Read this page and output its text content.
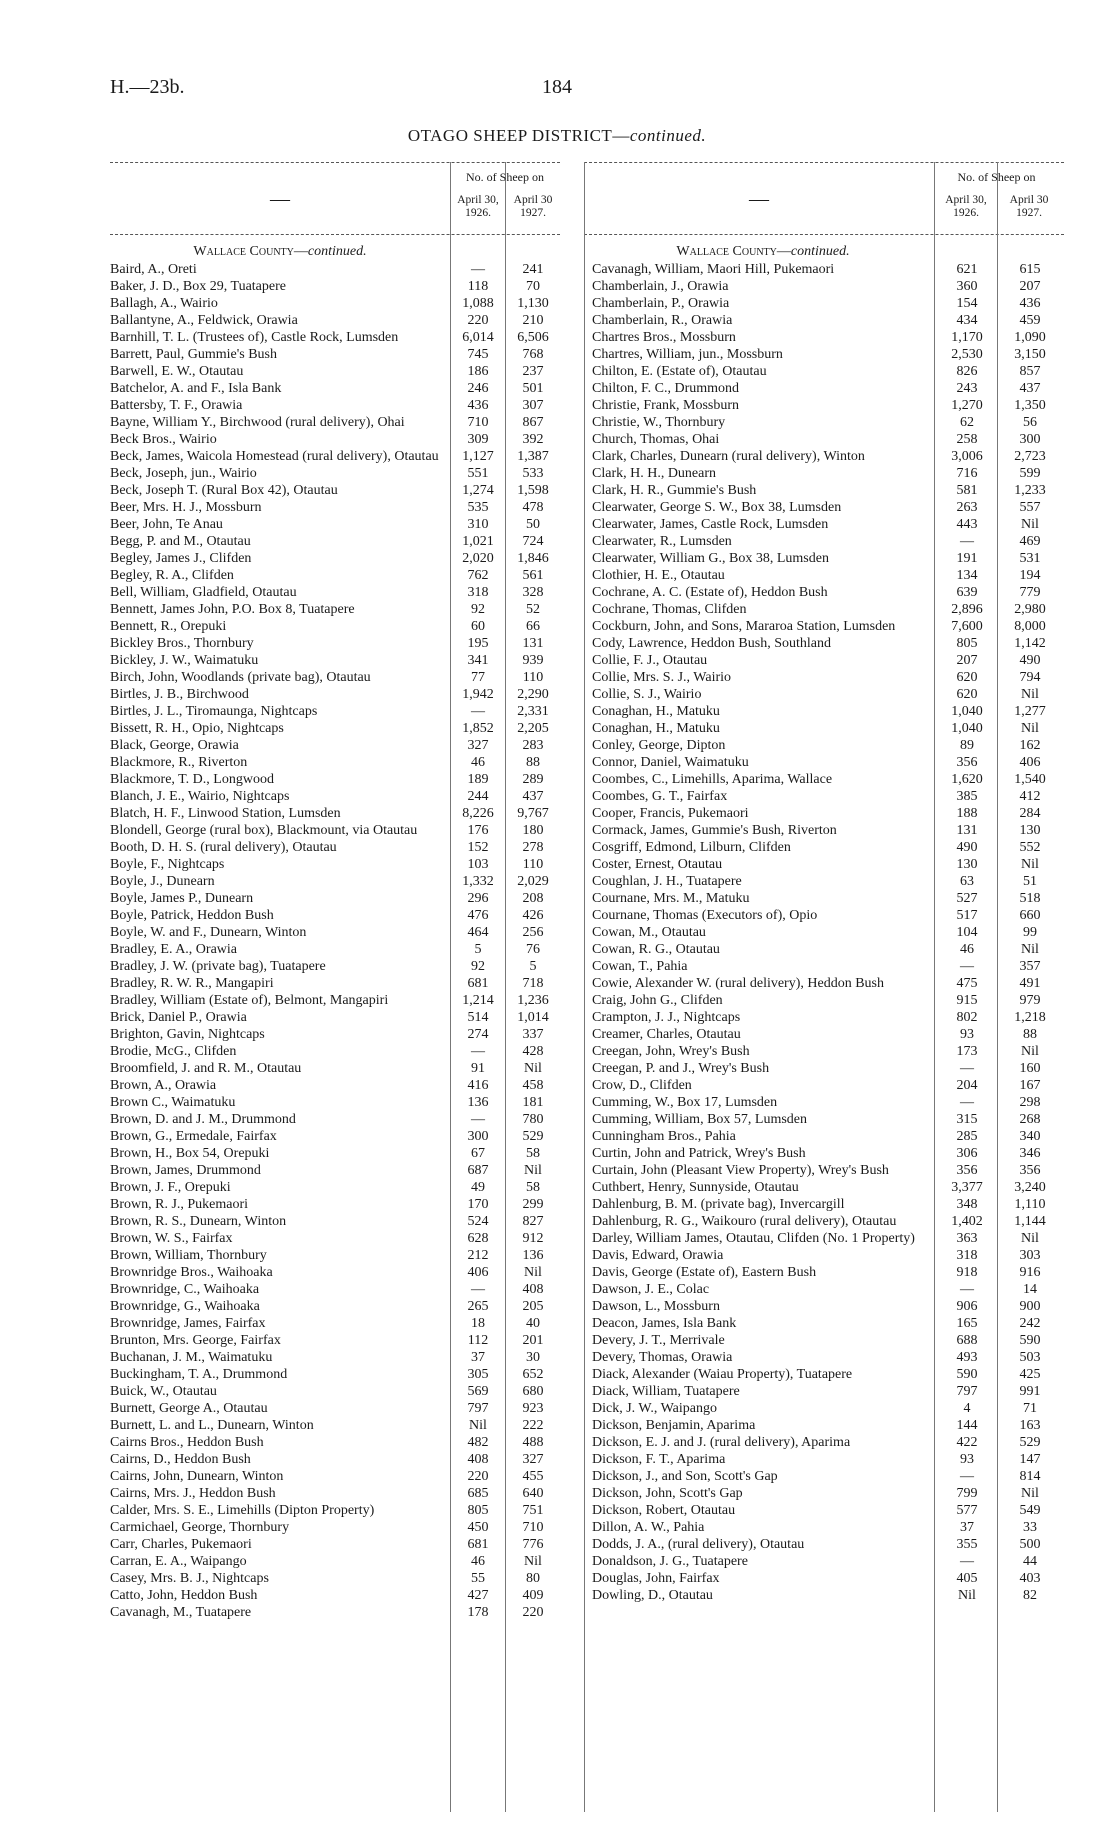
H.—23b.	184
OTAGO SHEEP DISTRICT—continued.
—
No. of Sheep on
April 30, 1926.
April 30 1927.
Wallace County—continued.
Baird, A., Oreti	—	241
Baker, J. D., Box 29, Tuatapere	118	70
Ballagh, A., Wairio	1,088	1,130
Ballantyne, A., Feldwick, Orawia	220	210
Barnhill, T. L. (Trustees of), Castle Rock, Lumsden	6,014	6,506
Barrett, Paul, Gummie's Bush	745	768
Barwell, E. W., Otautau	186	237
Batchelor, A. and F., Isla Bank	246	501
Battersby, T. F., Orawia	436	307
Bayne, William Y., Birchwood (rural delivery), Ohai	710	867
Beck Bros., Wairio	309	392
Beck, James, Waicola Homestead (rural delivery), Otautau	1,127	1,387
Beck, Joseph, jun., Wairio	551	533
Beck, Joseph T. (Rural Box 42), Otautau	1,274	1,598
Beer, Mrs. H. J., Mossburn	535	478
Beer, John, Te Anau	310	50
Begg, P. and M., Otautau	1,021	724
Begley, James J., Clifden	2,020	1,846
Begley, R. A., Clifden	762	561
Bell, William, Gladfield, Otautau	318	328
Bennett, James John, P.O. Box 8, Tuatapere	92	52
Bennett, R., Orepuki	60	66
Bickley Bros., Thornbury	195	131
Bickley, J. W., Waimatuku	341	939
Birch, John, Woodlands (private bag), Otautau	77	110
Birtles, J. B., Birchwood	1,942	2,290
Birtles, J. L., Tiromaunga, Nightcaps	—	2,331
Bissett, R. H., Opio, Nightcaps	1,852	2,205
Black, George, Orawia	327	283
Blackmore, R., Riverton	46	88
Blackmore, T. D., Longwood	189	289
Blanch, J. E., Wairio, Nightcaps	244	437
Blatch, H. F., Linwood Station, Lumsden	8,226	9,767
Blondell, George (rural box), Blackmount, via Otautau	176	180
Booth, D. H. S. (rural delivery), Otautau	152	278
Boyle, F., Nightcaps	103	110
Boyle, J., Dunearn	1,332	2,029
Boyle, James P., Dunearn	296	208
Boyle, Patrick, Heddon Bush	476	426
Boyle, W. and F., Dunearn, Winton	464	256
Bradley, E. A., Orawia	5	76
Bradley, J. W. (private bag), Tuatapere	92	5
Bradley, R. W. R., Mangapiri	681	718
Bradley, William (Estate of), Belmont, Mangapiri	1,214	1,236
Brick, Daniel P., Orawia	514	1,014
Brighton, Gavin, Nightcaps	274	337
Brodie, McG., Clifden	—	428
Broomfield, J. and R. M., Otautau	91	Nil
Brown, A., Orawia	416	458
Brown C., Waimatuku	136	181
Brown, D. and J. M., Drummond	—	780
Brown, G., Ermedale, Fairfax	300	529
Brown, H., Box 54, Orepuki	67	58
Brown, James, Drummond	687	Nil
Brown, J. F., Orepuki	49	58
Brown, R. J., Pukemaori	170	299
Brown, R. S., Dunearn, Winton	524	827
Brown, W. S., Fairfax	628	912
Brown, William, Thornbury	212	136
Brownridge Bros., Waihoaka	406	Nil
Brownridge, C., Waihoaka	—	408
Brownridge, G., Waihoaka	265	205
Brownridge, James, Fairfax	18	40
Brunton, Mrs. George, Fairfax	112	201
Buchanan, J. M., Waimatuku	37	30
Buckingham, T. A., Drummond	305	652
Buick, W., Otautau	569	680
Burnett, George A., Otautau	797	923
Burnett, L. and L., Dunearn, Winton	Nil	222
Cairns Bros., Heddon Bush	482	488
Cairns, D., Heddon Bush	408	327
Cairns, John, Dunearn, Winton	220	455
Cairns, Mrs. J., Heddon Bush	685	640
Calder, Mrs. S. E., Limehills (Dipton Property)	805	751
Carmichael, George, Thornbury	450	710
Carr, Charles, Pukemaori	681	776
Carran, E. A., Waipango	46	Nil
Casey, Mrs. B. J., Nightcaps	55	80
Catto, John, Heddon Bush	427	409
Cavanagh, M., Tuatapere	178	220
—
No. of Sheep on
April 30, 1926.
April 30 1927.
Wallace County—continued.
Cavanagh, William, Maori Hill, Pukemaori	621	615
Chamberlain, J., Orawia	360	207
Chamberlain, P., Orawia	154	436
Chamberlain, R., Orawia	434	459
Chartres Bros., Mossburn	1,170	1,090
Chartres, William, jun., Mossburn	2,530	3,150
Chilton, E. (Estate of), Otautau	826	857
Chilton, F. C., Drummond	243	437
Christie, Frank, Mossburn	1,270	1,350
Christie, W., Thornbury	62	56
Church, Thomas, Ohai	258	300
Clark, Charles, Dunearn (rural delivery), Winton	3,006	2,723
Clark, H. H., Dunearn	716	599
Clark, H. R., Gummie's Bush	581	1,233
Clearwater, George S. W., Box 38, Lumsden	263	557
Clearwater, James, Castle Rock, Lumsden	443	Nil
Clearwater, R., Lumsden	—	469
Clearwater, William G., Box 38, Lumsden	191	531
Clothier, H. E., Otautau	134	194
Cochrane, A. C. (Estate of), Heddon Bush	639	779
Cochrane, Thomas, Clifden	2,896	2,980
Cockburn, John, and Sons, Mararoa Station, Lumsden	7,600	8,000
Cody, Lawrence, Heddon Bush, Southland	805	1,142
Collie, F. J., Otautau	207	490
Collie, Mrs. S. J., Wairio	620	794
Collie, S. J., Wairio	620	Nil
Conaghan, H., Matuku	1,040	1,277
Conaghan, H., Matuku	1,040	Nil
Conley, George, Dipton	89	162
Connor, Daniel, Waimatuku	356	406
Coombes, C., Limehills, Aparima, Wallace	1,620	1,540
Coombes, G. T., Fairfax	385	412
Cooper, Francis, Pukemaori	188	284
Cormack, James, Gummie's Bush, Riverton	131	130
Cosgriff, Edmond, Lilburn, Clifden	490	552
Coster, Ernest, Otautau	130	Nil
Coughlan, J. H., Tuatapere	63	51
Cournane, Mrs. M., Matuku	527	518
Cournane, Thomas (Executors of), Opio	517	660
Cowan, M., Otautau	104	99
Cowan, R. G., Otautau	46	Nil
Cowan, T., Pahia	—	357
Cowie, Alexander W. (rural delivery), Heddon Bush	475	491
Craig, John G., Clifden	915	979
Crampton, J. J., Nightcaps	802	1,218
Creamer, Charles, Otautau	93	88
Creegan, John, Wrey's Bush	173	Nil
Creegan, P. and J., Wrey's Bush	—	160
Crow, D., Clifden	204	167
Cumming, W., Box 17, Lumsden	—	298
Cumming, William, Box 57, Lumsden	315	268
Cunningham Bros., Pahia	285	340
Curtin, John and Patrick, Wrey's Bush	306	346
Curtain, John (Pleasant View Property), Wrey's Bush	356	356
Cuthbert, Henry, Sunnyside, Otautau	3,377	3,240
Dahlenburg, B. M. (private bag), Invercargill	348	1,110
Dahlenburg, R. G., Waikouro (rural delivery), Otautau	1,402	1,144
Darley, William James, Otautau, Clifden (No. 1 Property)	363	Nil
Davis, Edward, Orawia	318	303
Davis, George (Estate of), Eastern Bush	918	916
Dawson, J. E., Colac	—	14
Dawson, L., Mossburn	906	900
Deacon, James, Isla Bank	165	242
Devery, J. T., Merrivale	688	590
Devery, Thomas, Orawia	493	503
Diack, Alexander (Waiau Property), Tuatapere	590	425
Diack, William, Tuatapere	797	991
Dick, J. W., Waipango	4	71
Dickson, Benjamin, Aparima	144	163
Dickson, E. J. and J. (rural delivery), Aparima	422	529
Dickson, F. T., Aparima	93	147
Dickson, J., and Son, Scott's Gap	—	814
Dickson, John, Scott's Gap	799	Nil
Dickson, Robert, Otautau	577	549
Dillon, A. W., Pahia	37	33
Dodds, J. A., (rural delivery), Otautau	355	500
Donaldson, J. G., Tuatapere	—	44
Douglas, John, Fairfax	405	403
Dowling, D., Otautau	Nil	82
